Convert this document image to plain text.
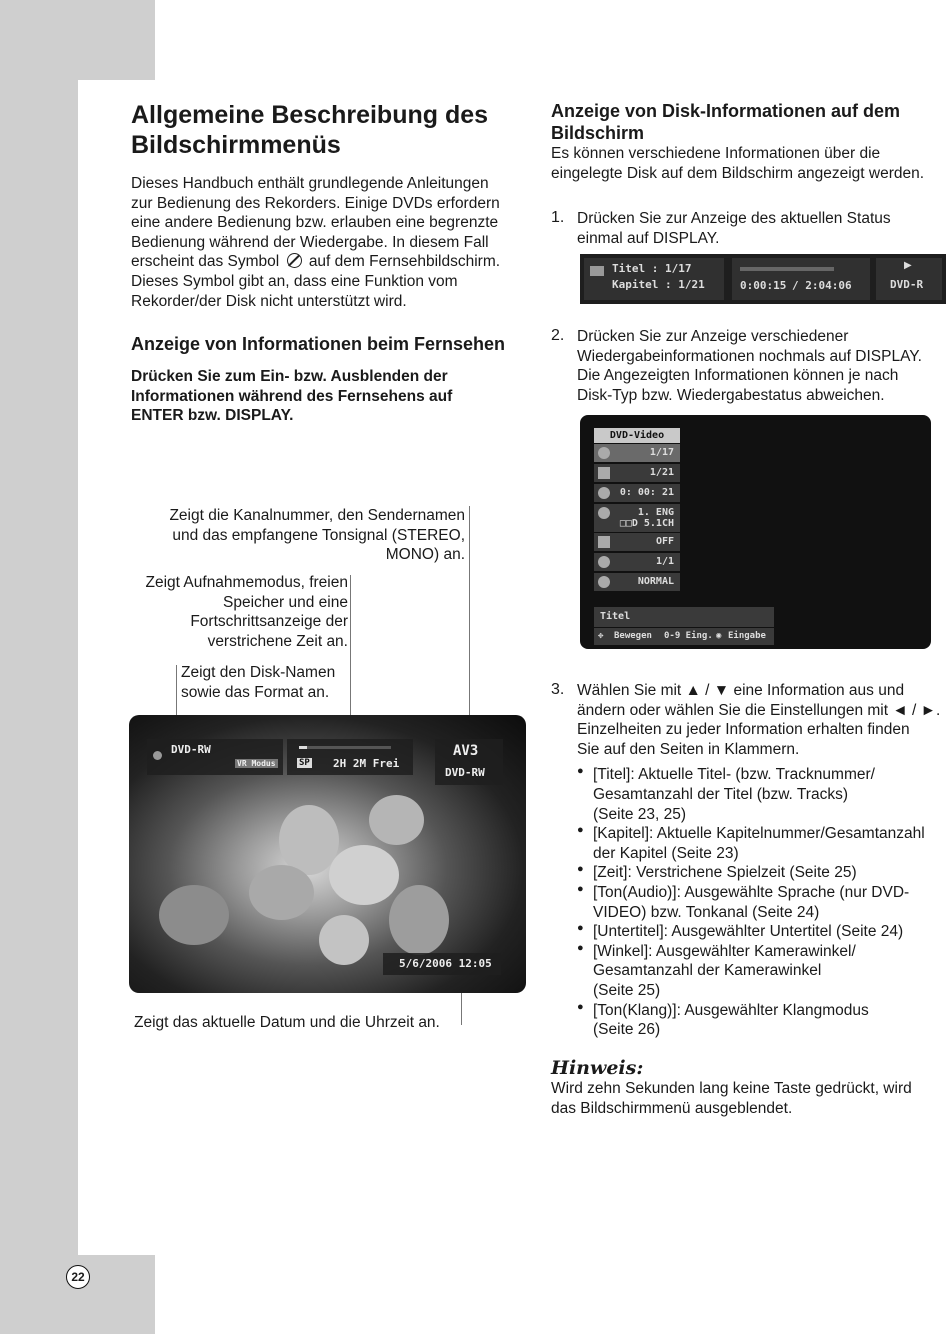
22
Allgemeine Beschreibung des Bildschirmmenüs

Dieses Handbuch enthält grundlegende Anleitungen

zur Bedienung des Rekorders. Einige DVDs erfordern

eine andere Bedienung bzw. erlauben eine begrenzte

Bedienung während der Wiedergabe. In diesem Fall

erscheint das Symbol auf dem Fernsehbildschirm.

Dieses Symbol gibt an, dass eine Funktion vom

Rekorder/der Disk nicht unterstützt wird.

Anzeige von Informationen beim Fernsehen

Drücken Sie zum Ein- bzw. Ausblenden der

Informationen während des Fernsehens auf

ENTER bzw. DISPLAY.

Zeigt die Kanalnummer, den Sendernamen
und das empfangene Tonsignal (STEREO,
MONO) an.
Zeigt Aufnahmemodus, freien
Speicher und eine
Fortschrittsanzeige der
verstrichene Zeit an.
Zeigt den Disk-Namen
sowie das Format an.
Zeigt das aktuelle Datum und die Uhrzeit an.
DVD-RW
VR Modus	SP 2H 2M Frei
AV3
DVD-RW
5/6/2006 12:05
Anzeige von Disk-Informationen auf dem
Bildschirm

Es können verschiedene Informationen über die

eingelegte Disk auf dem Bildschirm angezeigt werden.

1. Drücken Sie zur Anzeige des aktuellen Status

einmal auf DISPLAY.

Titel : 1/17
Kapitel : 1/21	0:00:15 / 2:04:06
▶
DVD-R
2. Drücken Sie zur Anzeige verschiedener

Wiedergabeinformationen nochmals auf DISPLAY.

Die Angezeigten Informationen können je nach

Disk-Typ bzw. Wiedergabestatus abweichen.

DVD-Video
1/17
1/21
0: 00: 21
1. ENG
□□D 5.1CH
OFF
1/1
NORMAL
Titel
✥ Bewegen 0-9 Eing. ◉ Eingabe
3. Wählen Sie mit ▲ / ▼ eine Information aus und

ändern oder wählen Sie die Einstellungen mit ◄ / ►.

Einzelheiten zu jeder Information erhalten finden

Sie auf den Seiten in Klammern.

● [Titel]: Aktuelle Titel- (bzw. Tracknummer/

Gesamtanzahl der Titel (bzw. Tracks)

(Seite 23, 25)

● [Kapitel]: Aktuelle Kapitelnummer/Gesamtanzahl

der Kapitel (Seite 23)

● [Zeit]: Verstrichene Spielzeit (Seite 25)

● [Ton(Audio)]: Ausgewählte Sprache (nur DVD-

VIDEO) bzw. Tonkanal (Seite 24)

● [Untertitel]: Ausgewählter Untertitel (Seite 24)

● [Winkel]: Ausgewählter Kamerawinkel/

Gesamtanzahl der Kamerawinkel

(Seite 25)

● [Ton(Klang)]: Ausgewählter Klangmodus

(Seite 26)

Hinweis:

Wird zehn Sekunden lang keine Taste gedrückt, wird

das Bildschirmmenü ausgeblendet.
